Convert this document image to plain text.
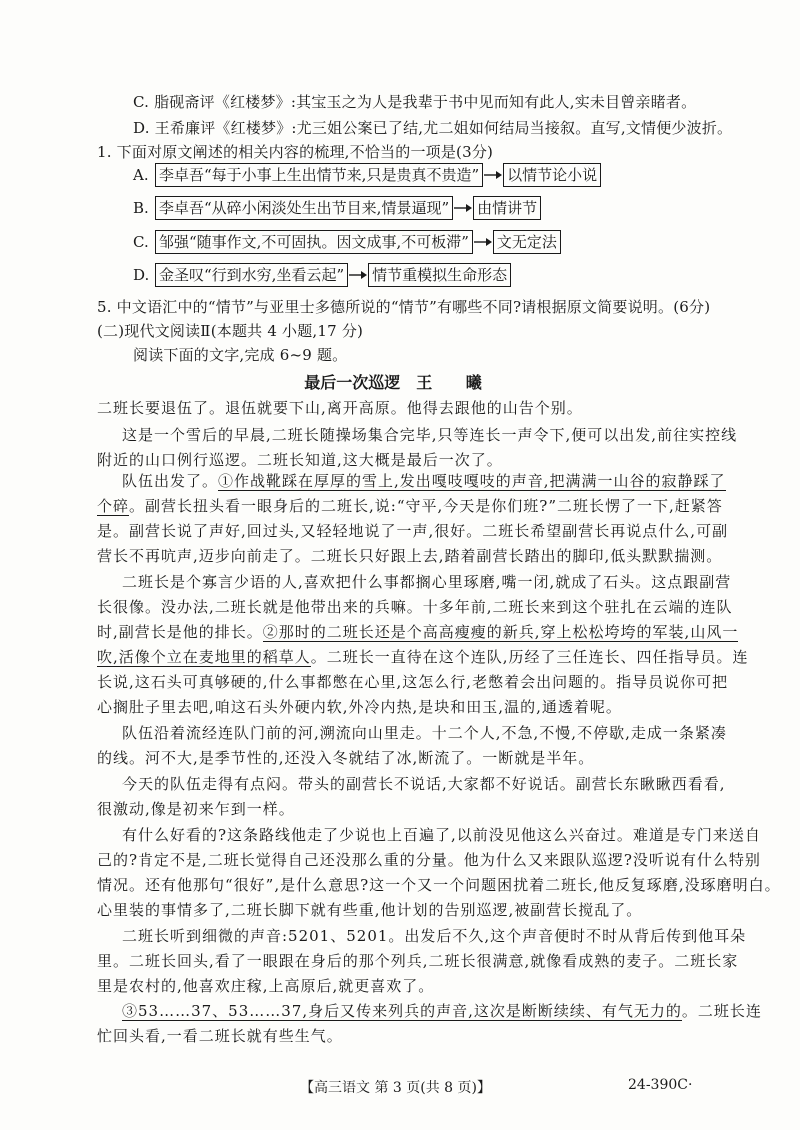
C. 脂砚斋评《红楼梦》:其宝玉之为人是我辈于书中见而知有此人,实未目曾亲睹者。
D. 王希廉评《红楼梦》:尤三姐公案已了结,尤二姐如何结局当接叙。直写,文情便少波折。
1. 下面对原文阐述的相关内容的梳理,不恰当的一项是(3分)
A. 李卓吾“每于小事上生出情节来,只是贵真不贵造” 以情节论小说
B. 李卓吾“从碎小闲淡处生出节目来,情景逼现” 由情讲节
C. 邹强“随事作文,不可固执。因文成事,不可板滞” 文无定法
D. 金圣叹“行到水穷,坐看云起” 情节重模拟生命形态
5. 中文语汇中的“情节”与亚里士多德所说的“情节”有哪些不同?请根据原文简要说明。(6分)
(二)现代文阅读Ⅱ(本题共 4 小题,17 分)
阅读下面的文字,完成 6~9 题。
最后一次巡逻 王 曦
二班长要退伍了。退伍就要下山,离开高原。他得去跟他的山告个别。
这是一个雪后的早晨,二班长随操场集合完毕,只等连长一声令下,便可以出发,前往实控线
附近的山口例行巡逻。二班长知道,这大概是最后一次了。
队伍出发了。①作战靴踩在厚厚的雪上,发出嘎吱嘎吱的声音,把满满一山谷的寂静踩了
个碎。副营长扭头看一眼身后的二班长,说:“守平,今天是你们班?”二班长愣了一下,赶紧答
是。副营长说了声好,回过头,又轻轻地说了一声,很好。二班长希望副营长再说点什么,可副
营长不再吭声,迈步向前走了。二班长只好跟上去,踏着副营长踏出的脚印,低头默默揣测。
二班长是个寡言少语的人,喜欢把什么事都搁心里琢磨,嘴一闭,就成了石头。这点跟副营
长很像。没办法,二班长就是他带出来的兵嘛。十多年前,二班长来到这个驻扎在云端的连队
时,副营长是他的排长。②那时的二班长还是个高高瘦瘦的新兵,穿上松松垮垮的军装,山风一
吹,活像个立在麦地里的稻草人。二班长一直待在这个连队,历经了三任连长、四任指导员。连
长说,这石头可真够硬的,什么事都憋在心里,这怎么行,老憋着会出问题的。指导员说你可把
心搁肚子里去吧,咱这石头外硬内软,外冷内热,是块和田玉,温的,通透着呢。
队伍沿着流经连队门前的河,溯流向山里走。十二个人,不急,不慢,不停歇,走成一条紧凑
的线。河不大,是季节性的,还没入冬就结了冰,断流了。一断就是半年。
今天的队伍走得有点闷。带头的副营长不说话,大家都不好说话。副营长东瞅瞅西看看,
很激动,像是初来乍到一样。
有什么好看的?这条路线他走了少说也上百遍了,以前没见他这么兴奋过。难道是专门来送自
己的?肯定不是,二班长觉得自己还没那么重的分量。他为什么又来跟队巡逻?没听说有什么特别
情况。还有他那句“很好”,是什么意思?这一个又一个问题困扰着二班长,他反复琢磨,没琢磨明白。
心里装的事情多了,二班长脚下就有些重,他计划的告别巡逻,被副营长搅乱了。
二班长听到细微的声音:5201、5201。出发后不久,这个声音便时不时从背后传到他耳朵
里。二班长回头,看了一眼跟在身后的那个列兵,二班长很满意,就像看成熟的麦子。二班长家
里是农村的,他喜欢庄稼,上高原后,就更喜欢了。
③53……37、53……37,身后又传来列兵的声音,这次是断断续续、有气无力的。二班长连
忙回头看,一看二班长就有些生气。
【高三语文 第 3 页(共 8 页)】	24-390C·
